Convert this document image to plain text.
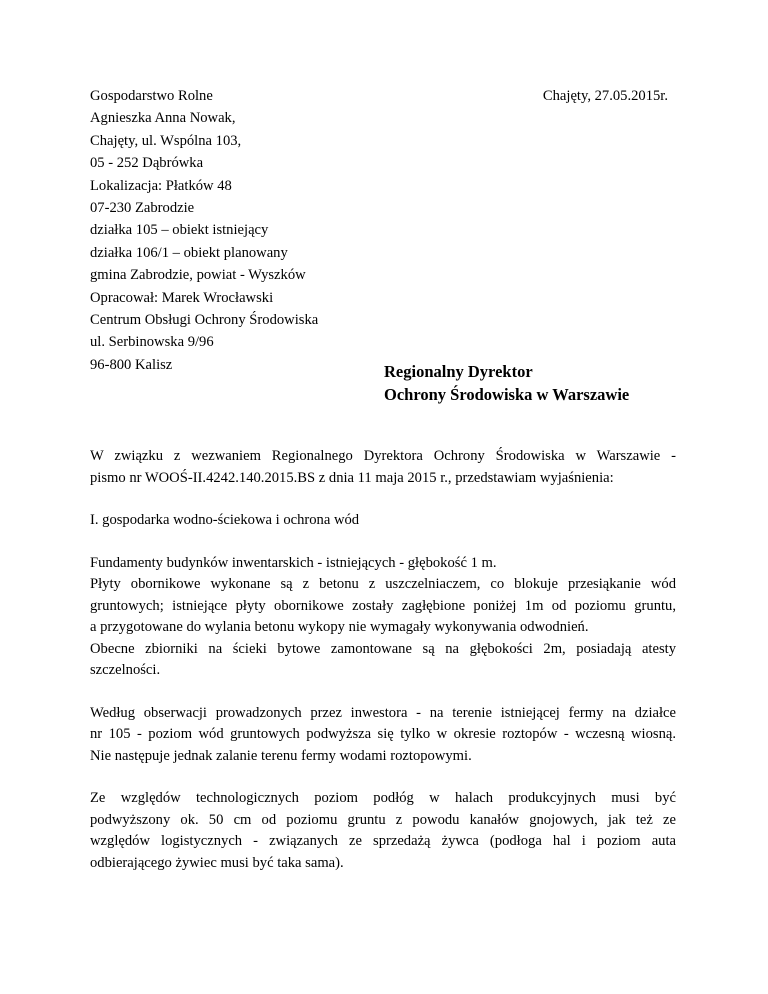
Gospodarstwo Rolne
Agnieszka Anna Nowak,
Chajęty, ul. Wspólna 103,
05 - 252 Dąbrówka
Lokalizacja: Płatków 48
07-230 Zabrodzie
działka 105 – obiekt istniejący
działka 106/1 – obiekt planowany
gmina Zabrodzie, powiat - Wyszków
Opracował: Marek Wrocławski
Centrum Obsługi Ochrony Środowiska
ul. Serbinowska 9/96
96-800 Kalisz
Chajęty, 27.05.2015r.
Regionalny Dyrektor
Ochrony Środowiska w Warszawie
W związku z wezwaniem Regionalnego Dyrektora Ochrony Środowiska w Warszawie -
pismo nr WOOŚ-II.4242.140.2015.BS z dnia 11 maja 2015 r., przedstawiam wyjaśnienia:
I. gospodarka wodno-ściekowa i ochrona wód
Fundamenty budynków inwentarskich - istniejących - głębokość 1 m.
Płyty obornikowe wykonane są z betonu z uszczelniaczem, co blokuje przesiąkanie wód
gruntowych; istniejące płyty obornikowe zostały zagłębione poniżej 1m od poziomu gruntu,
a przygotowane do wylania betonu wykopy nie wymagały wykonywania odwodnień.
Obecne zbiorniki na ścieki bytowe zamontowane są na głębokości 2m, posiadają atesty
szczelności.
Według obserwacji prowadzonych przez inwestora - na terenie istniejącej fermy na działce
nr 105 - poziom wód gruntowych podwyższa się tylko w okresie roztopów - wczesną wiosną.
Nie następuje jednak zalanie terenu fermy wodami roztopowymi.
Ze względów technologicznych poziom podłóg w halach produkcyjnych musi być
podwyższony ok. 50 cm od poziomu gruntu z powodu kanałów gnojowych, jak też ze
względów logistycznych - związanych ze sprzedażą żywca (podłoga hal i poziom auta
odbierającego żywiec musi być taka sama).
